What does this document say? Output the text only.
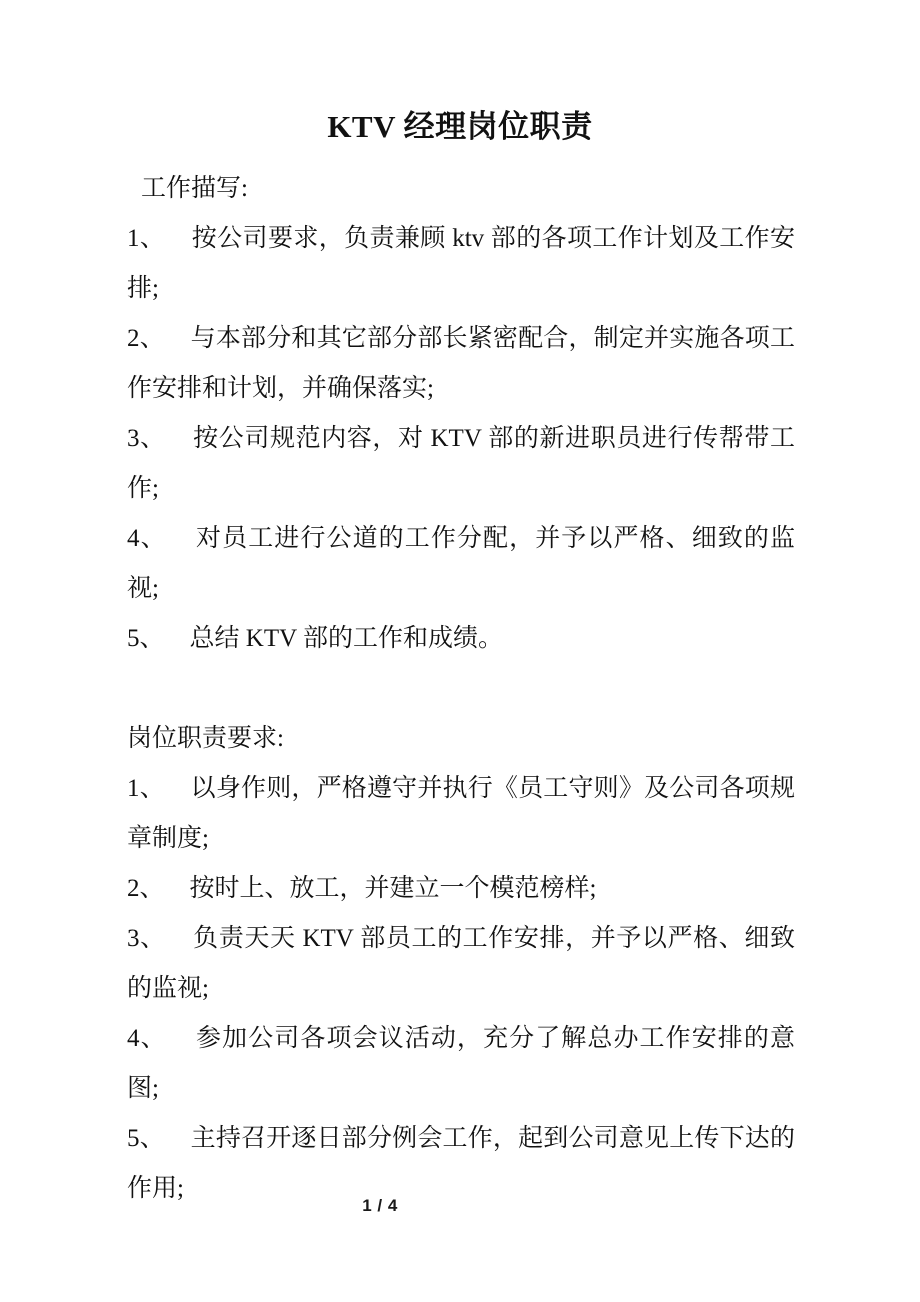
KTV 经理岗位职责
工作描写:
1、 按公司要求，负责兼顾 ktv 部的各项工作计划及工作安排;
2、 与本部分和其它部分部长紧密配合，制定并实施各项工作安排和计划，并确保落实;
3、 按公司规范内容，对 KTV 部的新进职员进行传帮带工作;
4、 对员工进行公道的工作分配，并予以严格、细致的监视;
5、 总结 KTV 部的工作和成绩。
岗位职责要求:
1、 以身作则，严格遵守并执行《员工守则》及公司各项规章制度;
2、 按时上、放工，并建立一个模范榜样;
3、 负责天天 KTV 部员工的工作安排，并予以严格、细致的监视;
4、 参加公司各项会议活动，充分了解总办工作安排的意图;
5、 主持召开逐日部分例会工作，起到公司意见上传下达的作用;
1 / 4
